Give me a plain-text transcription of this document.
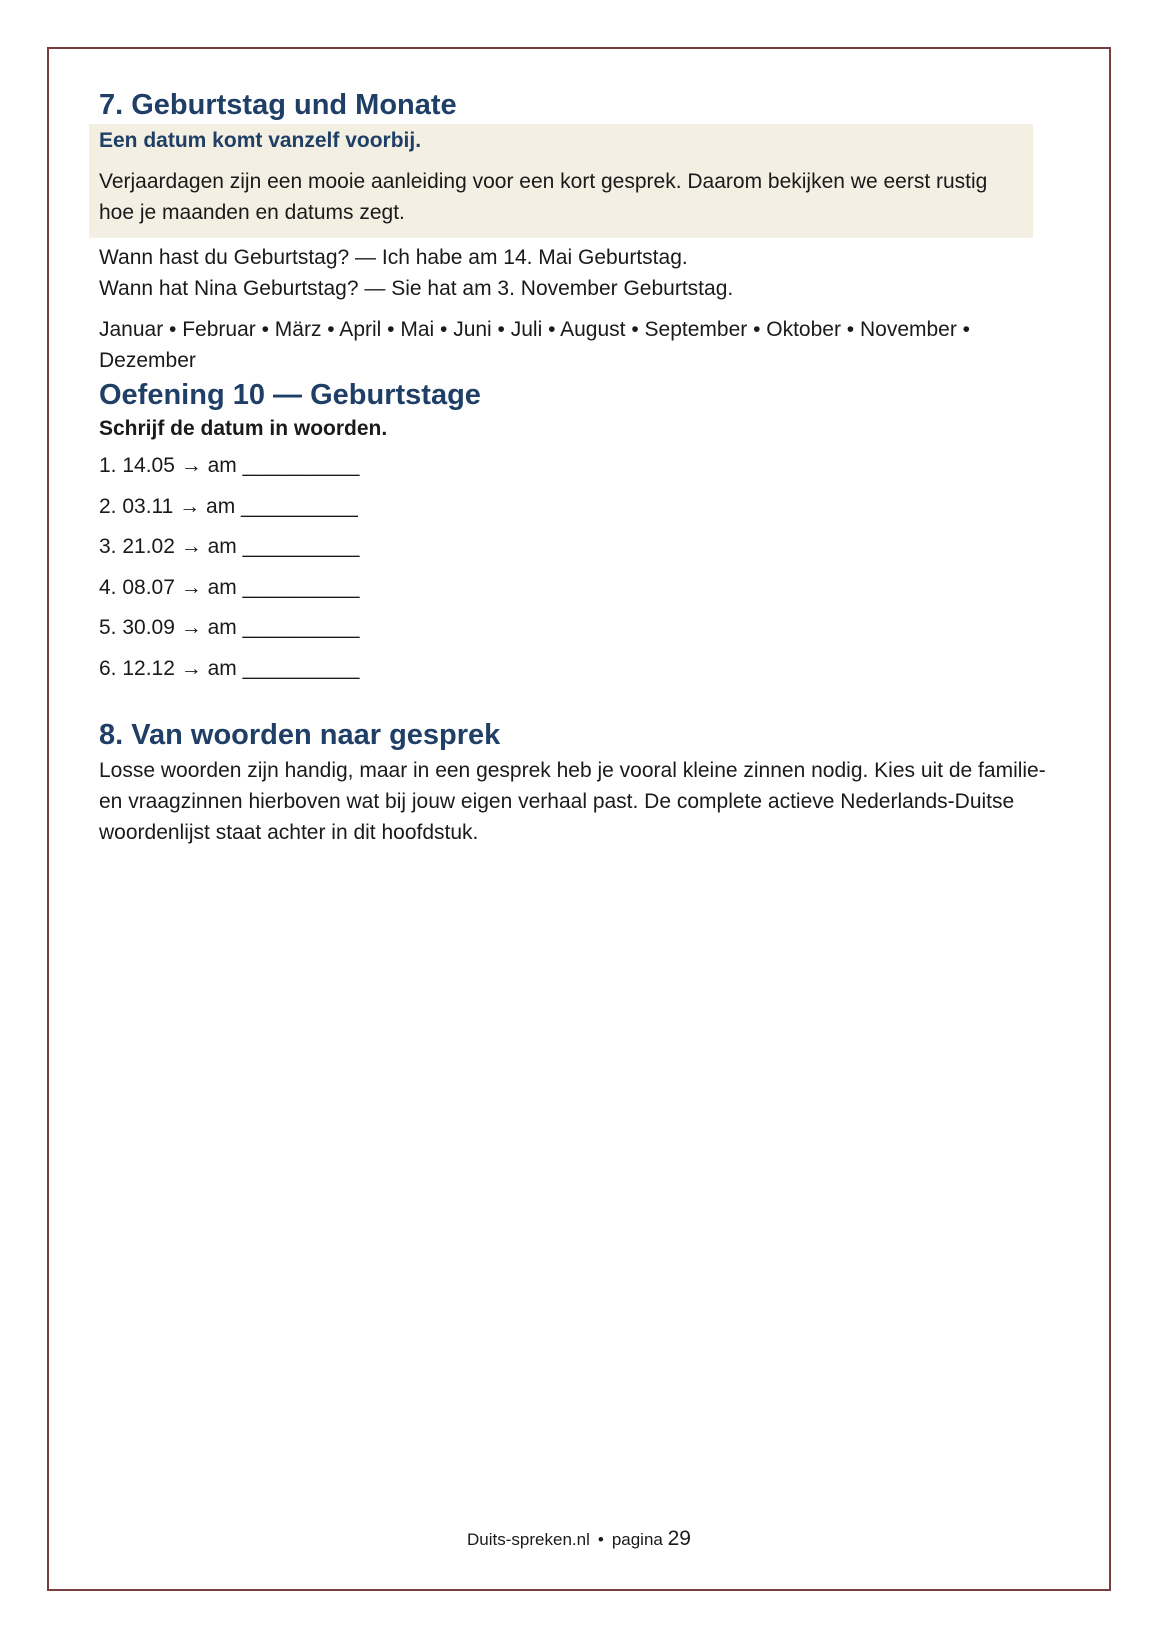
7. Geburtstag und Monate
Een datum komt vanzelf voorbij.
Verjaardagen zijn een mooie aanleiding voor een kort gesprek. Daarom bekijken we eerst rustig hoe je maanden en datums zegt.
Wann hast du Geburtstag? — Ich habe am 14. Mai Geburtstag.
Wann hat Nina Geburtstag? — Sie hat am 3. November Geburtstag.
Januar • Februar • März • April • Mai • Juni • Juli • August • September • Oktober • November • Dezember
Oefening 10 — Geburtstage
Schrijf de datum in woorden.
1. 14.05 → am __________
2. 03.11 → am __________
3. 21.02 → am __________
4. 08.07 → am __________
5. 30.09 → am __________
6. 12.12 → am __________
8. Van woorden naar gesprek
Losse woorden zijn handig, maar in een gesprek heb je vooral kleine zinnen nodig. Kies uit de familie- en vraagzinnen hierboven wat bij jouw eigen verhaal past. De complete actieve Nederlands-Duitse woordenlijst staat achter in dit hoofdstuk.
Duits-spreken.nl • pagina 29
